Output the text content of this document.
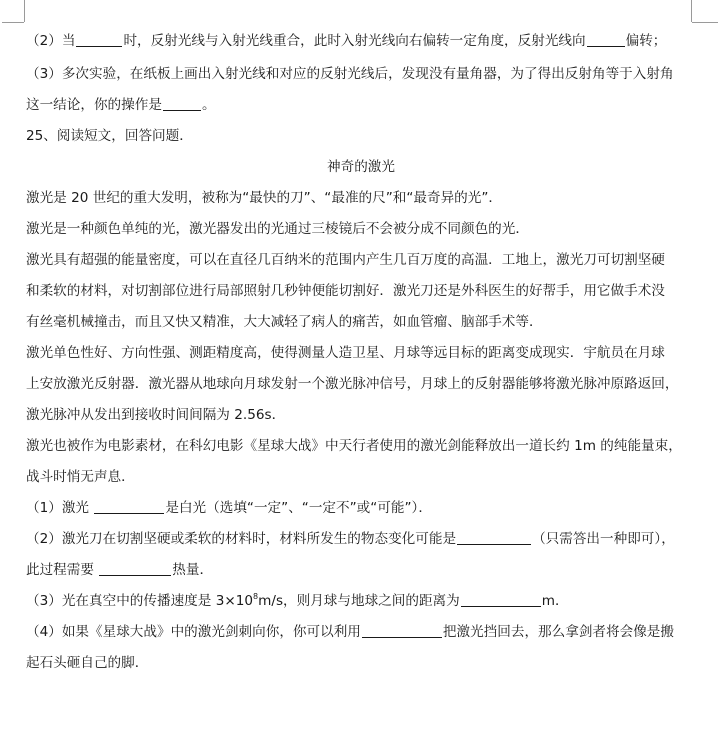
（2）当	时，反射光线与入射光线重合，此时入射光线向右偏转一定角度，反射光线向	偏转；
（3）多次实验，在纸板上画出入射光线和对应的反射光线后，发现没有量角器，为了得出反射角等于入射角
这一结论，你的操作是	。
25、阅读短文，回答问题．
神奇的激光
激光是 20 世纪的重大发明，被称为“最快的刀”、“最准的尺”和“最奇异的光”．
激光是一种颜色单纯的光，激光器发出的光通过三棱镜后不会被分成不同颜色的光．
激光具有超强的能量密度，可以在直径几百纳米的范围内产生几百万度的高温．工地上，激光刀可切割坚硬
和柔软的材料，对切割部位进行局部照射几秒钟便能切割好．激光刀还是外科医生的好帮手，用它做手术没
有丝毫机械撞击，而且又快又精准，大大减轻了病人的痛苦，如血管瘤、脑部手术等．
激光单色性好、方向性强、测距精度高，使得测量人造卫星、月球等远目标的距离变成现实．宇航员在月球
上安放激光反射器．激光器从地球向月球发射一个激光脉冲信号，月球上的反射器能够将激光脉冲原路返回，
激光脉冲从发出到接收时间间隔为 2.56s．
激光也被作为电影素材，在科幻电影《星球大战》中天行者使用的激光剑能释放出一道长约 1m 的纯能量束，
战斗时悄无声息．
（1）激光	是白光（选填“一定”、“一定不”或“可能”）．
（2）激光刀在切割坚硬或柔软的材料时，材料所发生的物态变化可能是	（只需答出一种即可），
此过程需要	热量．
（3）光在真空中的传播速度是 $3\times 10^8m/s$，则月球与地球之间的距离为	m．
（4）如果《星球大战》中的激光剑刺向你，你可以利用	把激光挡回去，那么拿剑者将会像是搬
起石头砸自己的脚．
